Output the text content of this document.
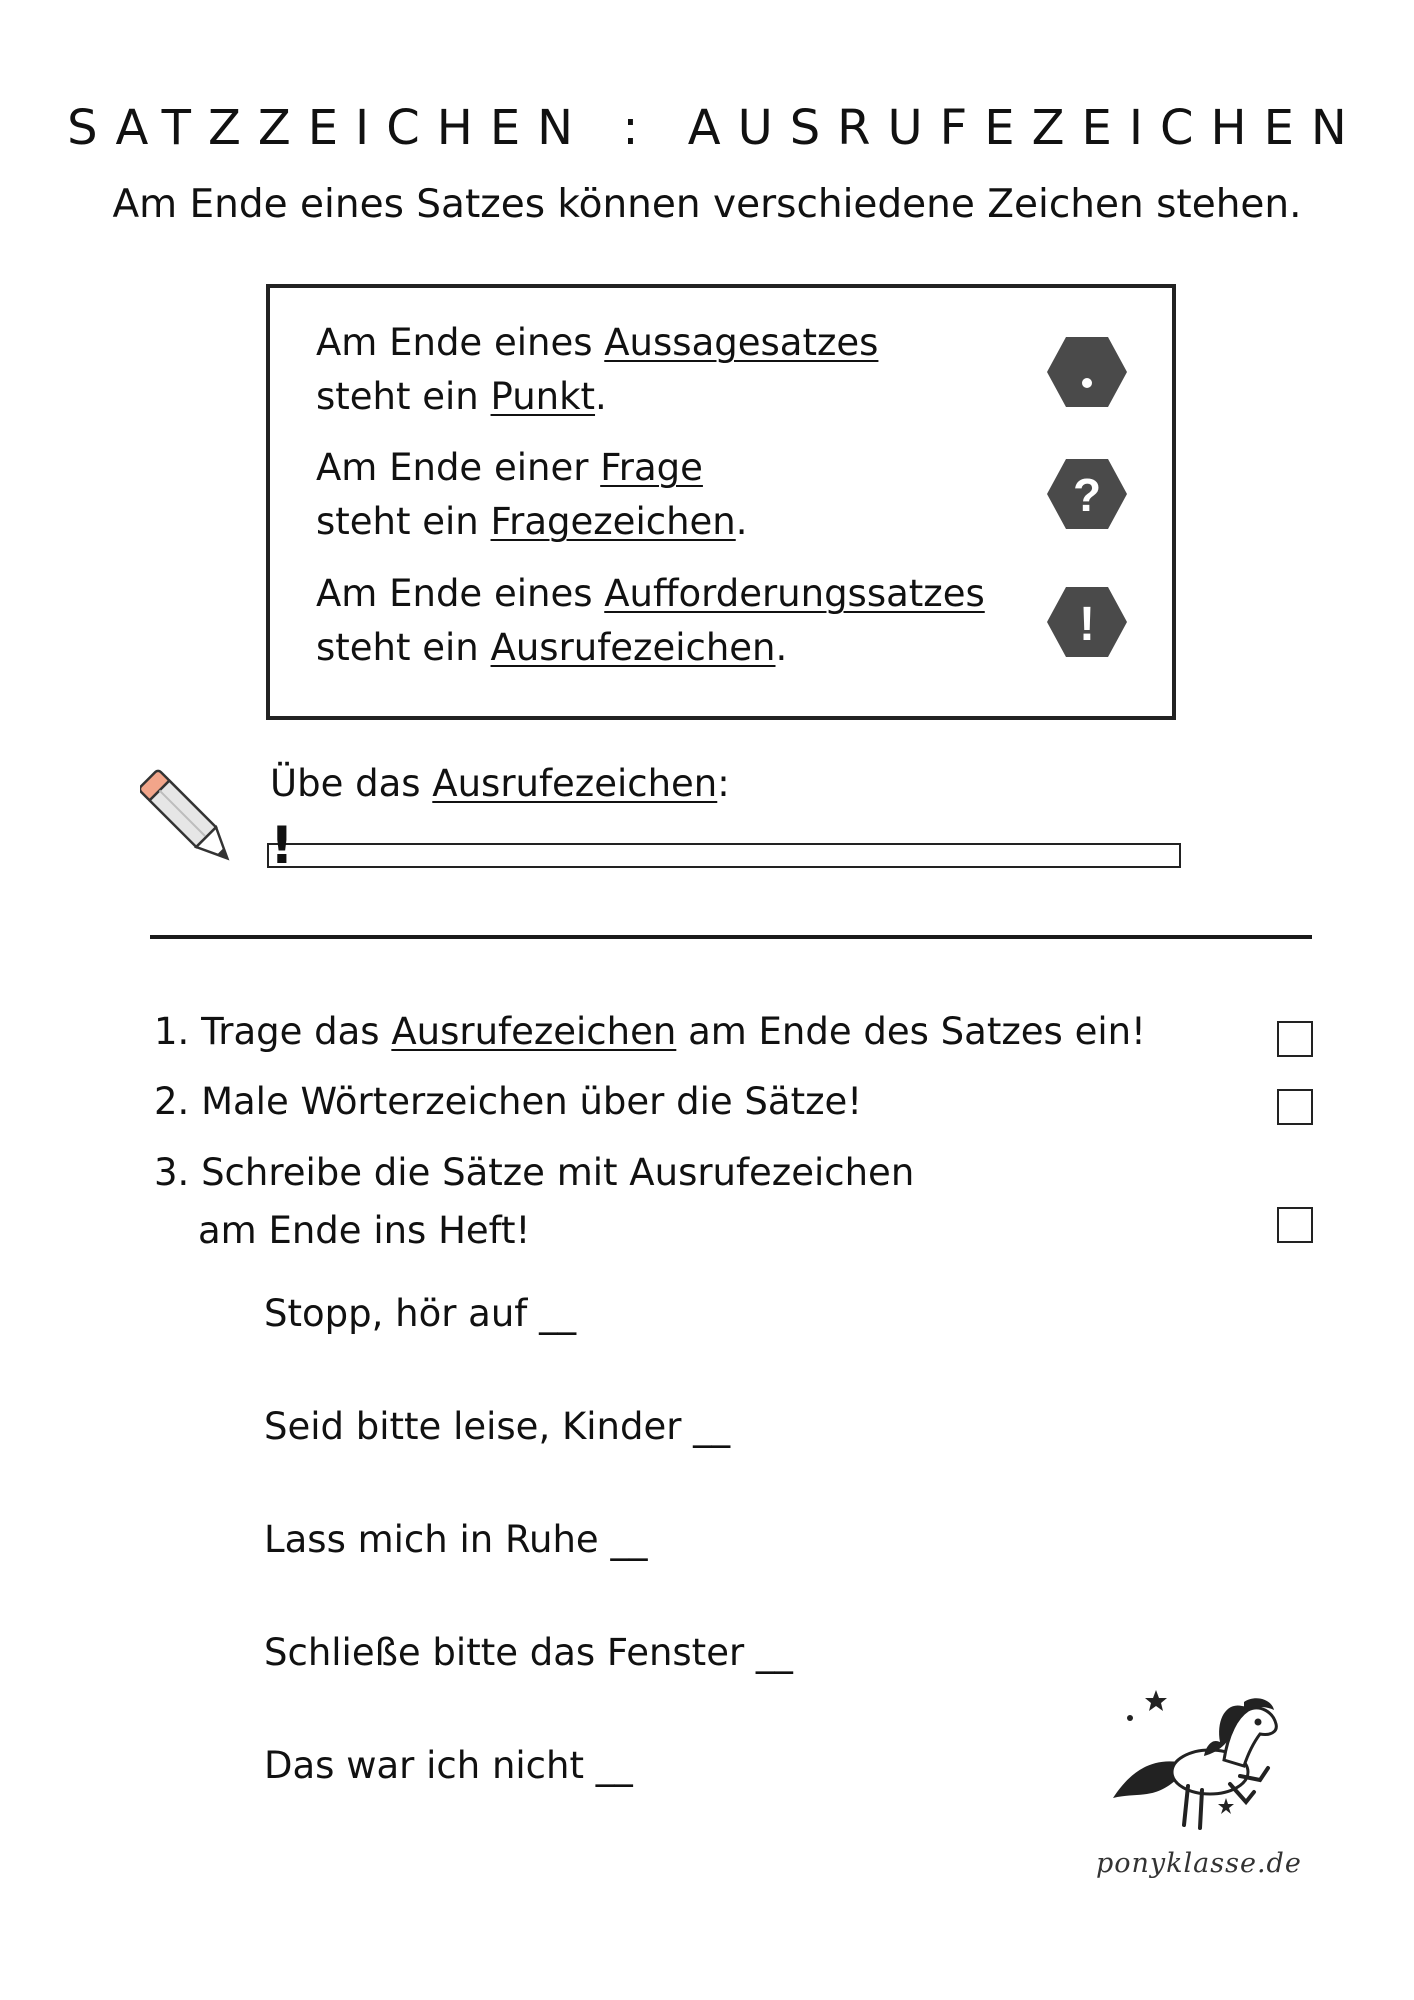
SATZZEICHEN : AUSRUFEZEICHEN
Am Ende eines Satzes können verschiedene Zeichen stehen.
Am Ende eines Aussagesatzes
steht ein Punkt.
Am Ende einer Frage
steht ein Fragezeichen.
?
Am Ende eines Aufforderungssatzes
steht ein Ausrufezeichen.	!
Übe das Ausrufezeichen:
!
1. Trage das Ausrufezeichen am Ende des Satzes ein!
2. Male Wörterzeichen über die Sätze!
3. Schreibe die Sätze mit Ausrufezeichen
am Ende ins Heft!
Stopp, hör auf __
Seid bitte leise, Kinder __
Lass mich in Ruhe __
Schließe bitte das Fenster __
Das war ich nicht __
ponyklasse.de
